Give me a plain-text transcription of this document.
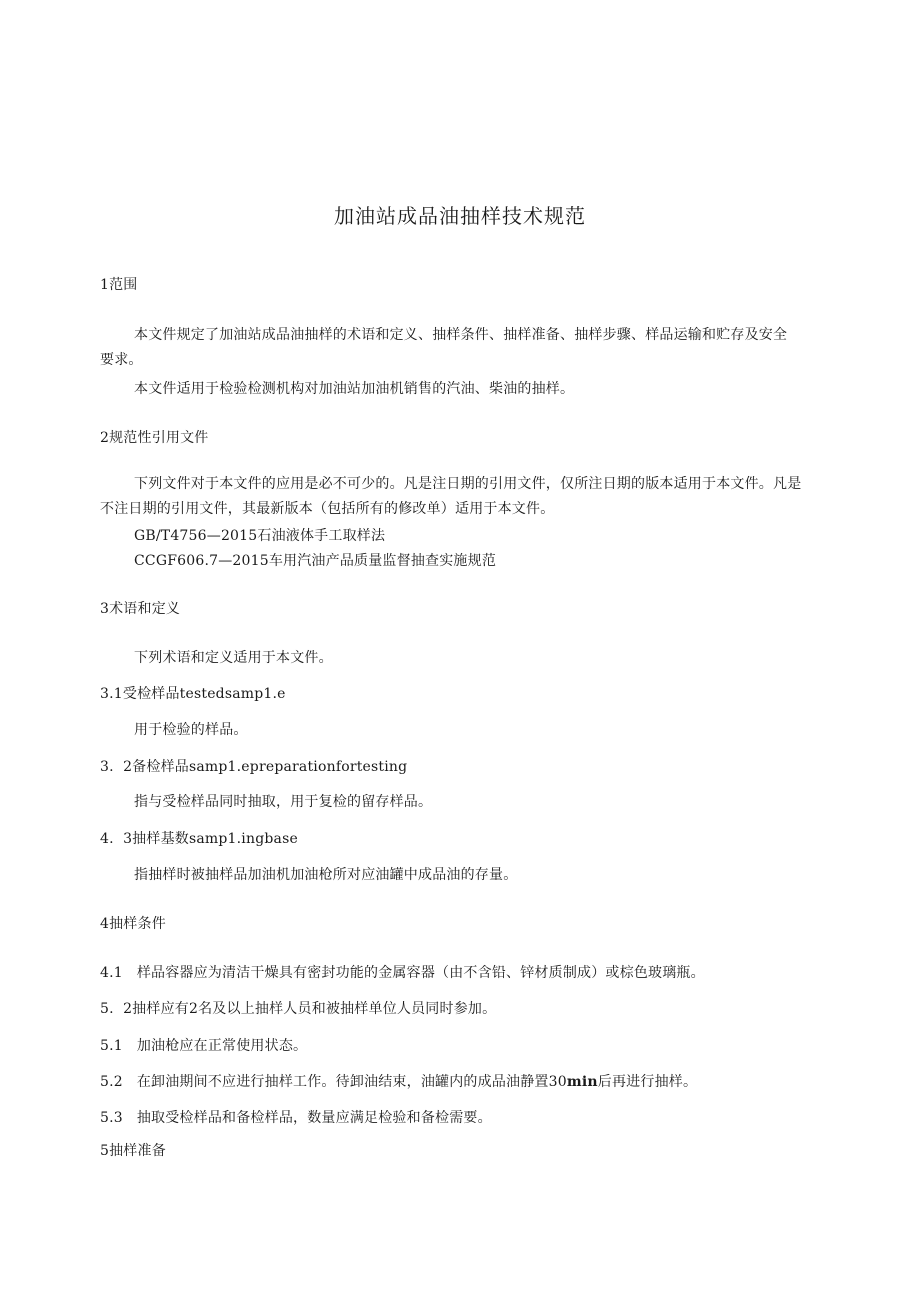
加油站成品油抽样技术规范
1范围
本文件规定了加油站成品油抽样的术语和定义、抽样条件、抽样准备、抽样步骤、样品运输和贮存及安全
要求。
本文件适用于检验检测机构对加油站加油机销售的汽油、柴油的抽样。
2规范性引用文件
下列文件对于本文件的应用是必不可少的。凡是注日期的引用文件，仅所注日期的版本适用于本文件。凡是
不注日期的引用文件，其最新版本（包括所有的修改单）适用于本文件。
GB/T4756—2015石油液体手工取样法
CCGF606.7—2015车用汽油产品质量监督抽查实施规范
3术语和定义
下列术语和定义适用于本文件。
3.1受检样品testedsamp1.e
用于检验的样品。
3. 2备检样品samp1.epreparationfortesting
指与受检样品同时抽取，用于复检的留存样品。
4. 3抽样基数samp1.ingbase
指抽样时被抽样品加油机加油枪所对应油罐中成品油的存量。
4抽样条件
4.1 样品容器应为清洁干燥具有密封功能的金属容器（由不含铅、锌材质制成）或棕色玻璃瓶。
5. 2抽样应有2名及以上抽样人员和被抽样单位人员同时参加。
5.1 加油枪应在正常使用状态。
5.2 在卸油期间不应进行抽样工作。待卸油结束，油罐内的成品油静置30min后再进行抽样。
5.3 抽取受检样品和备检样品，数量应满足检验和备检需要。
5抽样准备
